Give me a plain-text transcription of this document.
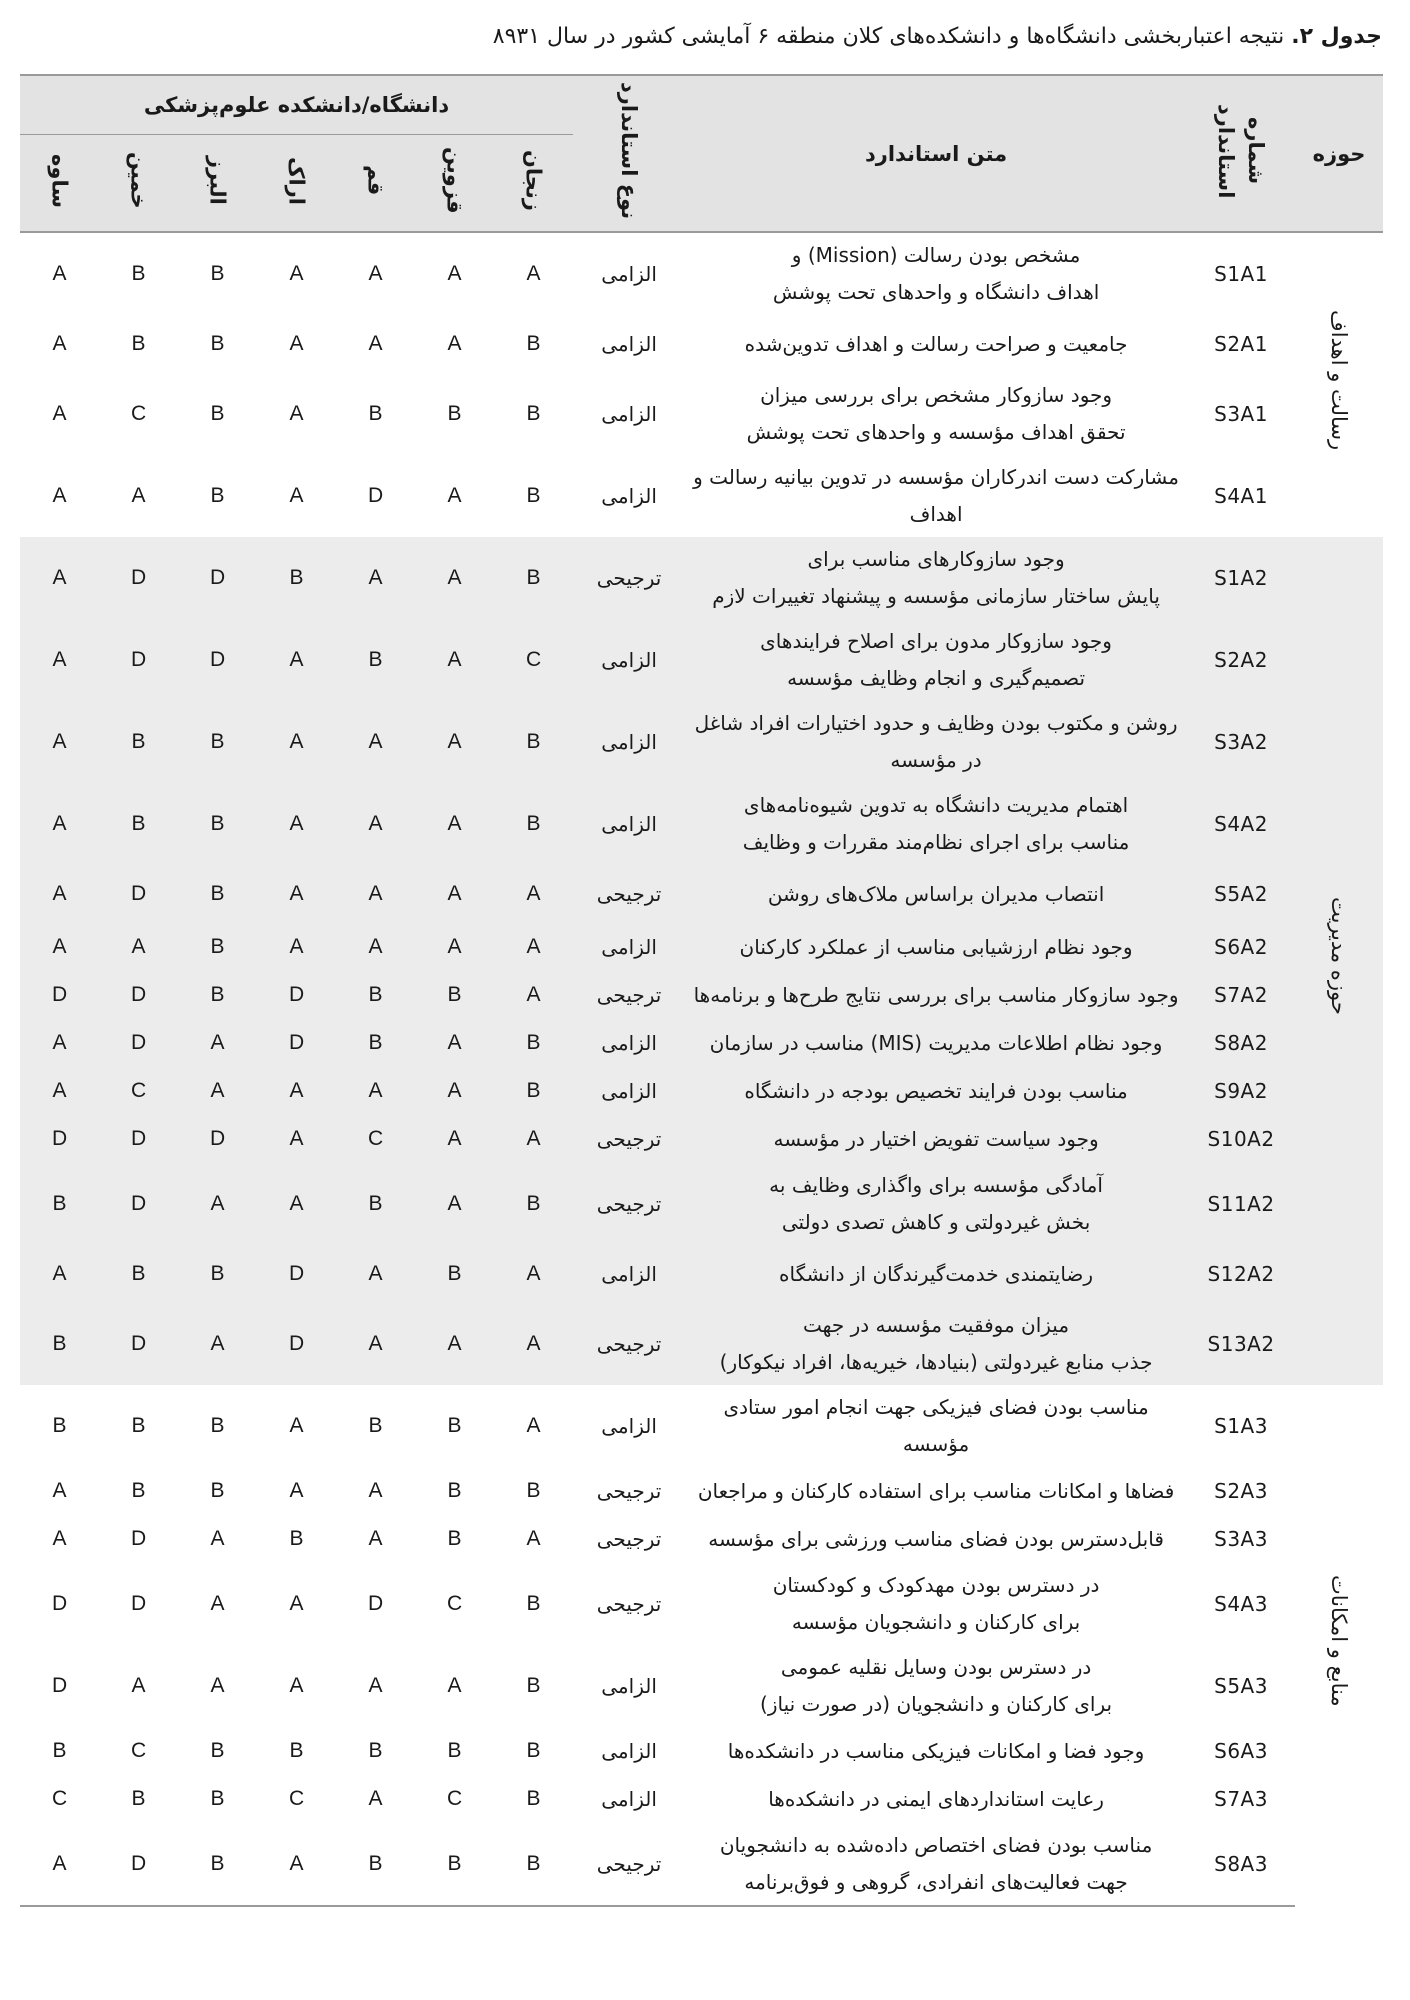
جدول ۲. نتیجه اعتباربخشی دانشگاه‌ها و دانشکده‌های کلان منطقه ۶ آمایشی کشور در سال ۸۹۳۱
حوزه	شماره استاندارد	متن استاندارد	نوع استاندارد	دانشگاه/دانشکده علوم‌پزشکی						
				زنجان	قزوین	قم	اراک	البرز	خمین	ساوه
رسالت و اهداف	S1A1	مشخص بودن رسالت (Mission) و
اهداف دانشگاه و واحدهای تحت پوشش	الزامی	A	A	A	A	B	B	A
	S2A1	جامعیت و صراحت رسالت و اهداف تدوین‌شده	الزامی	B	A	A	A	B	B	A
	S3A1	وجود سازوکار مشخص برای بررسی میزان
تحقق اهداف مؤسسه و واحدهای تحت پوشش	الزامی	B	B	B	A	B	C	A
	S4A1	مشارکت دست اندرکاران مؤسسه در تدوین بیانیه رسالت و اهداف	الزامی	B	A	D	A	B	A	A
حوزه مدیریت	S1A2	وجود سازوکارهای مناسب برای
پایش ساختار سازمانی مؤسسه و پیشنهاد تغییرات لازم	ترجیحی	B	A	A	B	D	D	A
	S2A2	وجود سازوکار مدون برای اصلاح فرایندهای
تصمیم‌گیری و انجام وظایف مؤسسه	الزامی	C	A	B	A	D	D	A
	S3A2	روشن و مکتوب بودن وظایف و حدود اختیارات افراد شاغل در مؤسسه	الزامی	B	A	A	A	B	B	A
	S4A2	اهتمام مدیریت دانشگاه به تدوین شیوه‌نامه‌های
مناسب برای اجرای نظام‌مند مقررات و وظایف	الزامی	B	A	A	A	B	B	A
	S5A2	انتصاب مدیران براساس ملاک‌های روشن	ترجیحی	A	A	A	A	B	D	A
	S6A2	وجود نظام ارزشیابی مناسب از عملکرد کارکنان	الزامی	A	A	A	A	B	A	A
	S7A2	وجود سازوکار مناسب برای بررسی نتایج طرح‌ها و برنامه‌ها	ترجیحی	A	B	B	D	B	D	D
	S8A2	وجود نظام اطلاعات مدیریت (MIS) مناسب در سازمان	الزامی	B	A	B	D	A	D	A
	S9A2	مناسب بودن فرایند تخصیص بودجه در دانشگاه	الزامی	B	A	A	A	A	C	A
	S10A2	وجود سیاست تفویض اختیار در مؤسسه	ترجیحی	A	A	C	A	D	D	D
	S11A2	آمادگی مؤسسه برای واگذاری وظایف به
بخش غیردولتی و کاهش تصدی دولتی	ترجیحی	B	A	B	A	A	D	B
	S12A2	رضایتمندی خدمت‌گیرندگان از دانشگاه	الزامی	A	B	A	D	B	B	A
	S13A2	میزان موفقیت مؤسسه در جهت
جذب منابع غیردولتی (بنیادها، خیریه‌ها، افراد نیکوکار)	ترجیحی	A	A	A	D	A	D	B
منابع و امکانات	S1A3	مناسب بودن فضای فیزیکی جهت انجام امور ستادی مؤسسه	الزامی	A	B	B	A	B	B	B
	S2A3	فضاها و امکانات مناسب برای استفاده کارکنان و مراجعان	ترجیحی	B	B	A	A	B	B	A
	S3A3	قابل‌دسترس بودن فضای مناسب ورزشی برای مؤسسه	ترجیحی	A	B	A	B	A	D	A
	S4A3	در دسترس بودن مهدکودک و کودکستان
برای کارکنان و دانشجویان مؤسسه	ترجیحی	B	C	D	A	A	D	D
	S5A3	در دسترس بودن وسایل نقلیه عمومی
برای کارکنان و دانشجویان (در صورت نیاز)	الزامی	B	A	A	A	A	A	D
	S6A3	وجود فضا و امکانات فیزیکی مناسب در دانشکده‌ها	الزامی	B	B	B	B	B	C	B
	S7A3	رعایت استانداردهای ایمنی در دانشکده‌ها	الزامی	B	C	A	C	B	B	C
	S8A3	مناسب بودن فضای اختصاص داده‌شده به دانشجویان
جهت فعالیت‌های انفرادی، گروهی و فوق‌برنامه	ترجیحی	B	B	B	A	B	D	A
